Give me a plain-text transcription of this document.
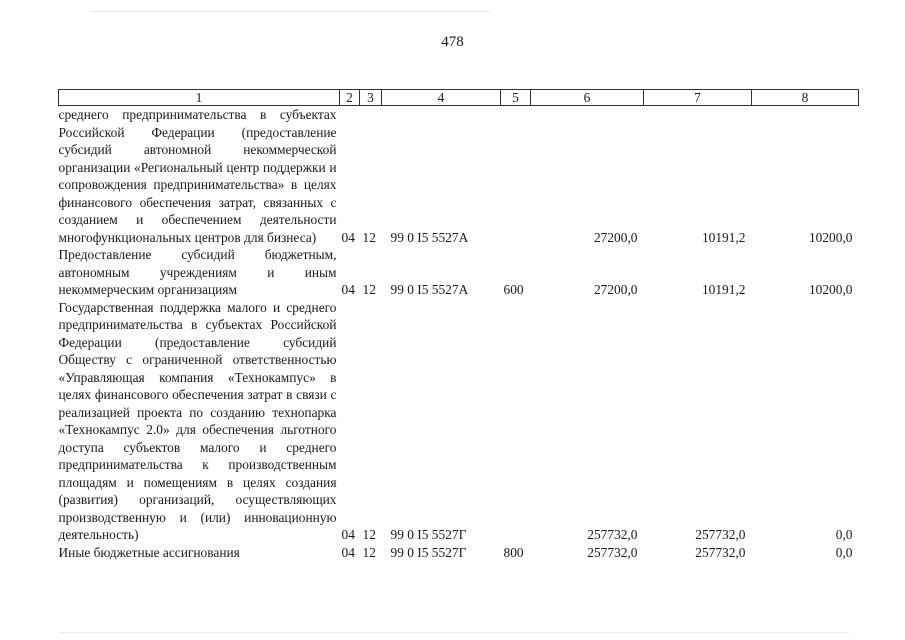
478
1	2	3	4	5	6	7	8
среднего предпринимательства в субъектах Российской Федерации (предоставление субсидий автономной некоммерческой организации «Региональный центр поддержки и сопровождения предпринимательства» в целях финансового обеспечения затрат, связанных с созданием и обеспечением деятельности многофункциональных центров для бизнеса)	04	12	99 0 I5 5527А		27200,0	10191,2	10200,0
Предоставление субсидий бюджетным, автономным учреждениям и иным некоммерческим организациям	04	12	99 0 I5 5527А	600	27200,0	10191,2	10200,0
Государственная поддержка малого и среднего предпринимательства в субъектах Российской Федерации (предоставление субсидий Обществу с ограниченной ответственностью «Управляющая компания «Технокампус» в целях финансового обеспечения затрат в связи с реализацией проекта по созданию технопарка «Технокампус 2.0» для обеспечения льготного доступа субъектов малого и среднего предпринимательства к производственным площадям и помещениям в целях создания (развития) организаций, осуществляющих производственную и (или) инновационную деятельность)	04	12	99 0 I5 5527Г		257732,0	257732,0	0,0
Иные бюджетные ассигнования	04	12	99 0 I5 5527Г	800	257732,0	257732,0	0,0
